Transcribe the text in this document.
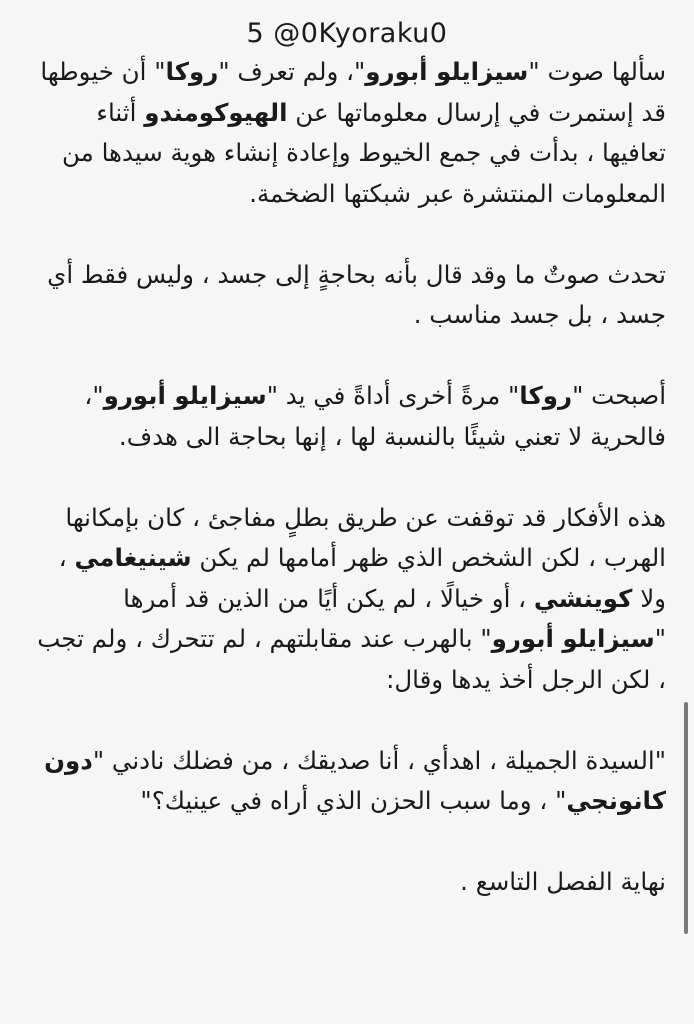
5 @0Kyoraku0

سألها صوت "سيزايلو أبورو"، ولم تعرف "روكا" أن خيوطها قد إستمرت في إرسال معلوماتها عن الهيوكومندو أثناء تعافيها ، بدأت في جمع الخيوط وإعادة إنشاء هوية سيدها من المعلومات المنتشرة عبر شبكتها الضخمة.

تحدث صوتٌ ما وقد قال بأنه بحاجةٍ إلى جسد ، وليس فقط أي جسد ، بل جسد مناسب .

أصبحت "روكا" مرةً أخرى أداةً في يد "سيزايلو أبورو"، فالحرية لا تعني شيئًا بالنسبة لها ، إنها بحاجة الى هدف.

هذه الأفكار قد توقفت عن طريق بطلٍ مفاجئ ، كان بإمكانها الهرب ، لكن الشخص الذي ظهر أمامها لم يكن شينيغامي ، ولا كوينشي ، أو خيالًا ، لم يكن أيًا من الذين قد أمرها "سيزايلو أبورو" بالهرب عند مقابلتهم ، لم تتحرك ، ولم تجب ، لكن الرجل أخذ يدها وقال:

"السيدة الجميلة ، اهدأي ، أنا صديقك ، من فضلك نادني "دون كانونجي" ، وما سبب الحزن الذي أراه في عينيك؟"

نهاية الفصل التاسع .
